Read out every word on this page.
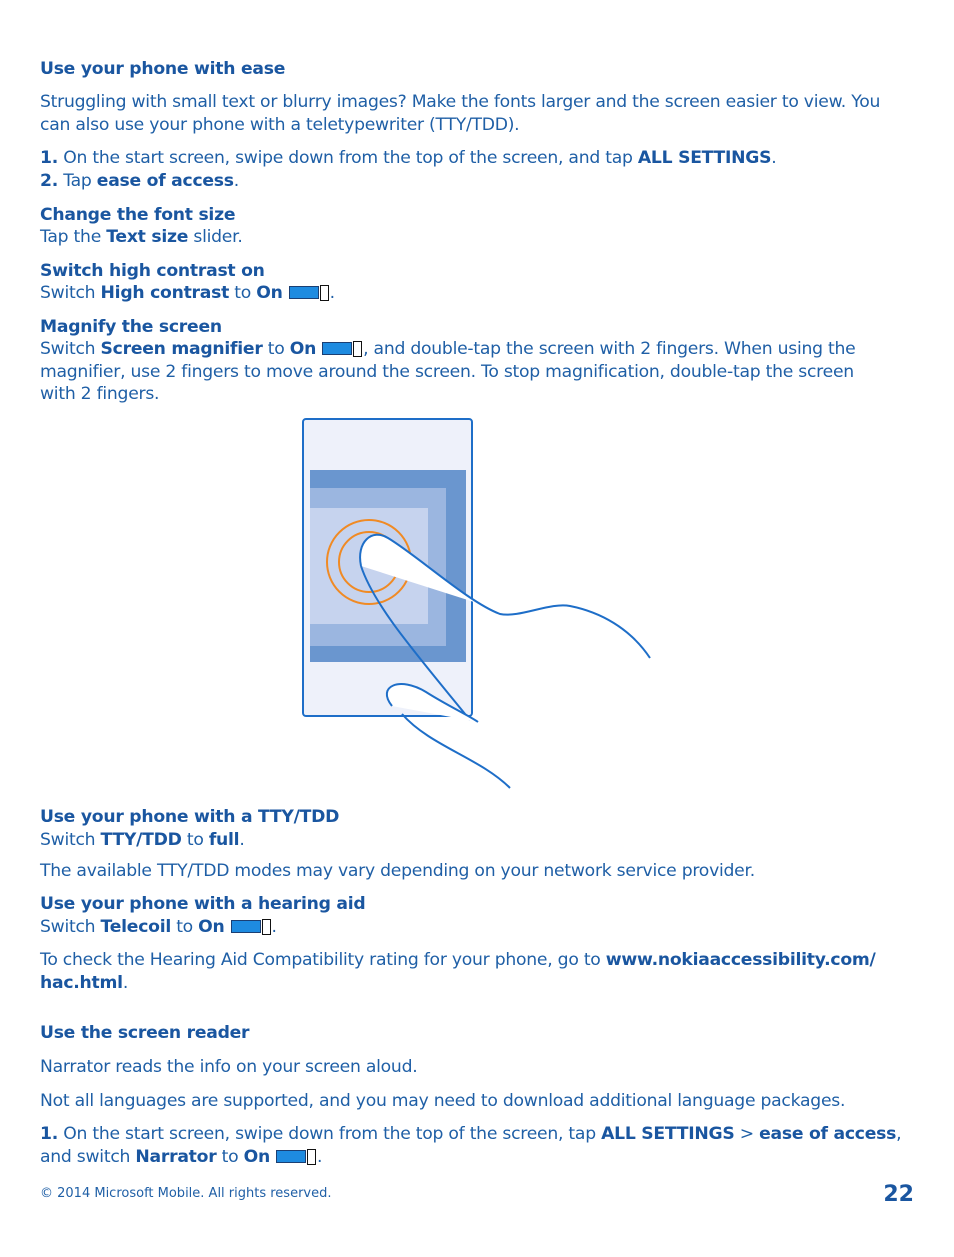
Use your phone with ease

Struggling with small text or blurry images? Make the fonts larger and the screen easier to view. You

can also use your phone with a teletypewriter (TTY/TDD).

1. On the start screen, swipe down from the top of the screen, and tap ALL SETTINGS.

2. Tap ease of access.

Change the font size

Tap the Text size slider.

Switch high contrast on

Switch High contrast to On	.

Magnify the screen

Switch Screen magnifier to On	, and double-tap the screen with 2 fingers. When using the

magnifier, use 2 fingers to move around the screen. To stop magnification, double-tap the screen

with 2 fingers.

Use your phone with a TTY/TDD

Switch TTY/TDD to full.

The available TTY/TDD modes may vary depending on your network service provider.

Use your phone with a hearing aid

Switch Telecoil to On	.

To check the Hearing Aid Compatibility rating for your phone, go to www.nokiaaccessibility.com/

hac.html.

Use the screen reader

Narrator reads the info on your screen aloud.

Not all languages are supported, and you may need to download additional language packages.

1. On the start screen, swipe down from the top of the screen, tap ALL SETTINGS > ease of access,

and switch Narrator to On	.

© 2014 Microsoft Mobile. All rights reserved.	22
